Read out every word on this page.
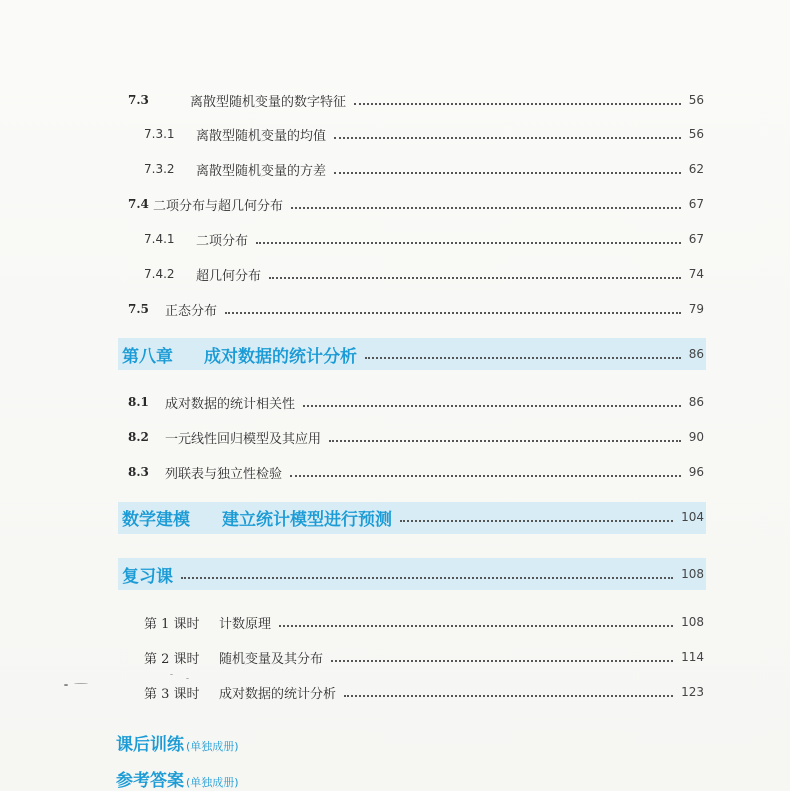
7.3	离散型随机变量的数字特征	56
7.3.1	离散型随机变量的均值	56
7.3.2	离散型随机变量的方差	62
7.4 二项分布与超几何分布	67
7.4.1	二项分布	67
7.4.2	超几何分布	74
7.5	正态分布	79
第八章	成对数据的统计分析	86
8.1	成对数据的统计相关性	86
8.2	一元线性回归模型及其应用	90
8.3	列联表与独立性检验	96
数学建模	建立统计模型进行预测	104
复习课	108
第 1 课时	计数原理	108
第 2 课时	随机变量及其分布	114
第 3 课时	成对数据的统计分析	123
课后训练 (单独成册)
参考答案 (单独成册)
